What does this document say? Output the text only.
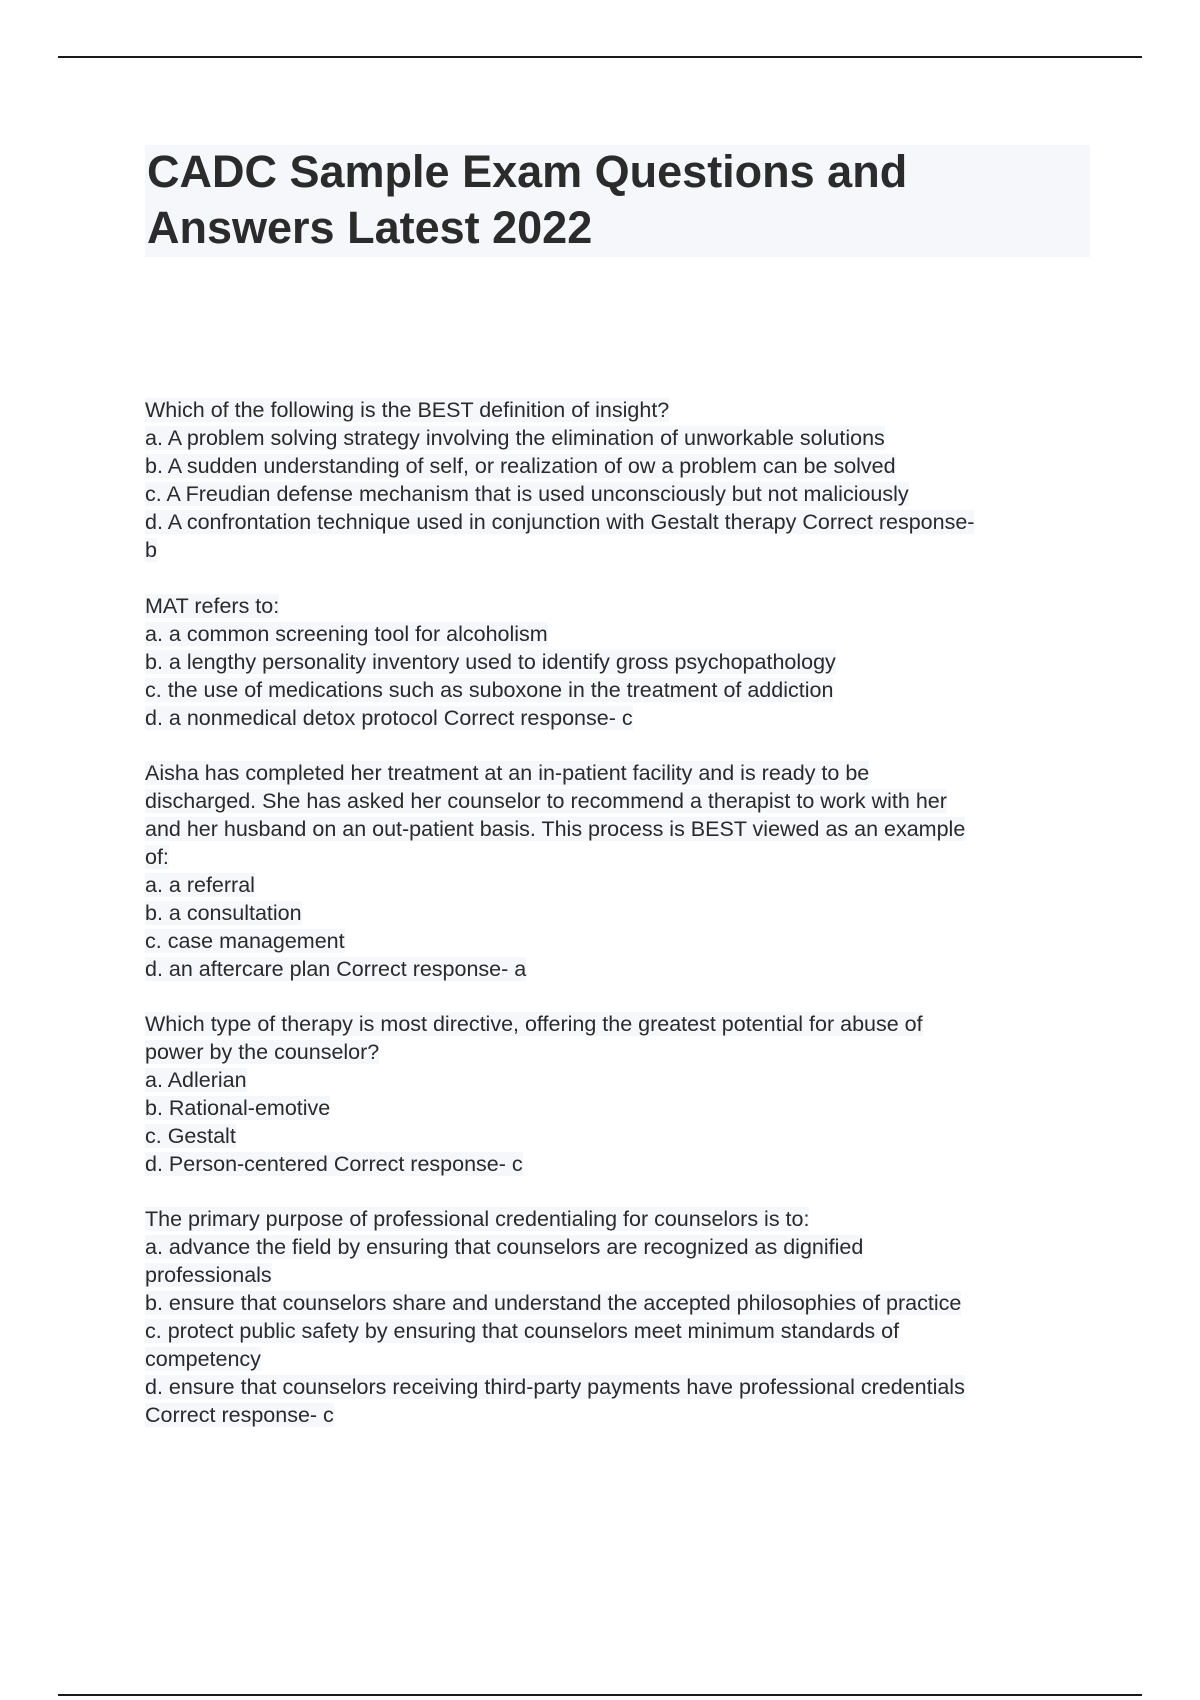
CADC Sample Exam Questions and
Answers Latest 2022

Which of the following is the BEST definition of insight?

a. A problem solving strategy involving the elimination of unworkable solutions

b. A sudden understanding of self, or realization of ow a problem can be solved

c. A Freudian defense mechanism that is used unconsciously but not maliciously

d. A confrontation technique used in conjunction with Gestalt therapy Correct response-

b

MAT refers to:

a. a common screening tool for alcoholism

b. a lengthy personality inventory used to identify gross psychopathology

c. the use of medications such as suboxone in the treatment of addiction

d. a nonmedical detox protocol Correct response- c

Aisha has completed her treatment at an in-patient facility and is ready to be

discharged. She has asked her counselor to recommend a therapist to work with her

and her husband on an out-patient basis. This process is BEST viewed as an example

of:

a. a referral

b. a consultation

c. case management

d. an aftercare plan Correct response- a

Which type of therapy is most directive, offering the greatest potential for abuse of

power by the counselor?

a. Adlerian

b. Rational-emotive

c. Gestalt

d. Person-centered Correct response- c

The primary purpose of professional credentialing for counselors is to:

a. advance the field by ensuring that counselors are recognized as dignified

professionals

b. ensure that counselors share and understand the accepted philosophies of practice

c. protect public safety by ensuring that counselors meet minimum standards of

competency

d. ensure that counselors receiving third-party payments have professional credentials

Correct response- c
